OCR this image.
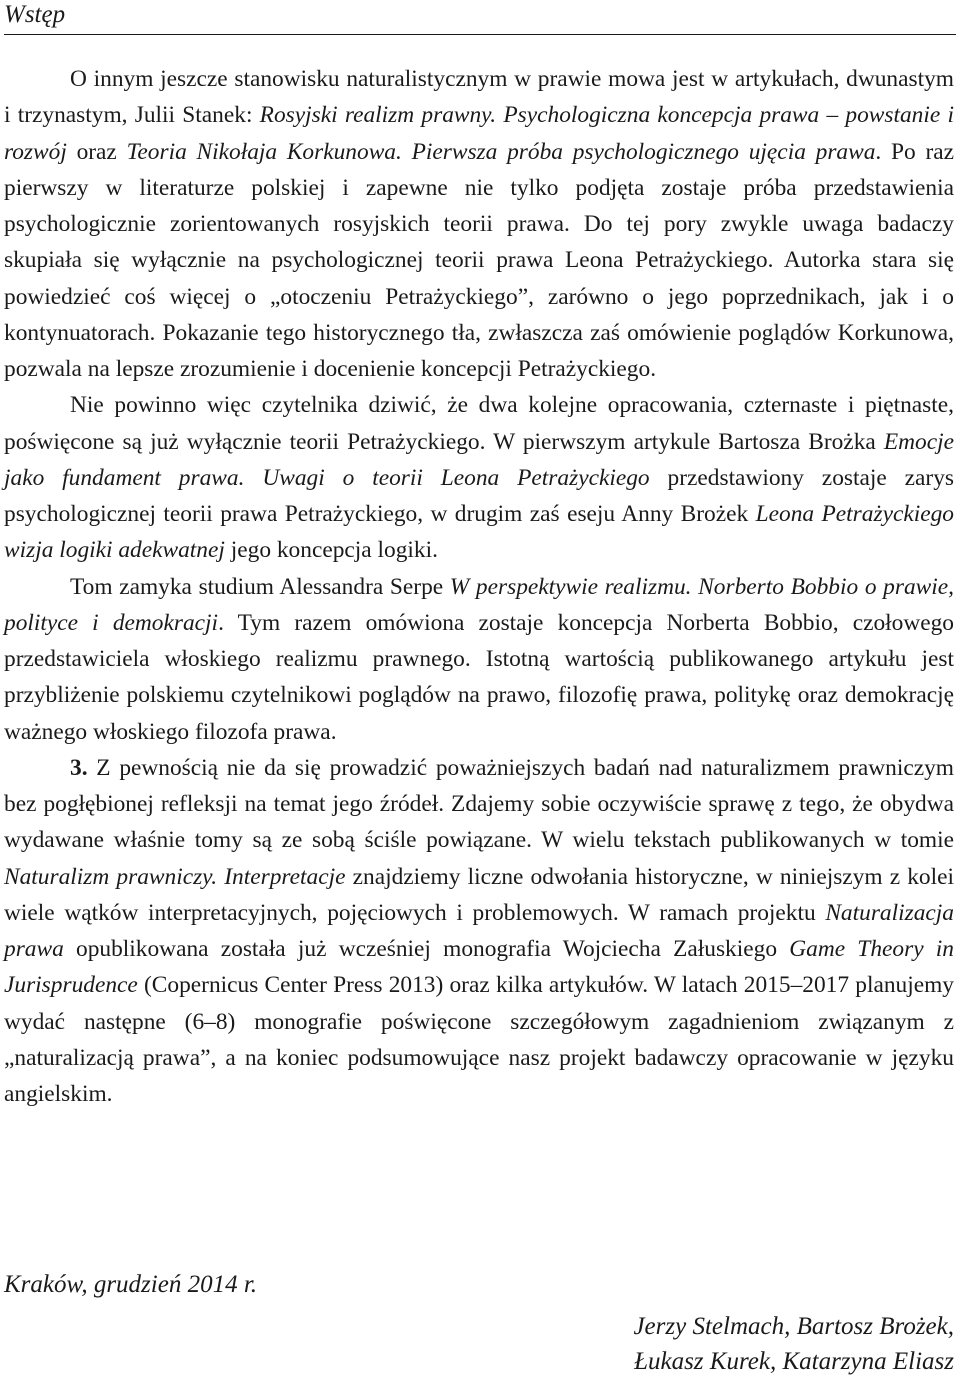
Wstęp

O innym jeszcze stanowisku naturalistycznym w prawie mowa jest w artykułach, dwunastym i trzynastym, Julii Stanek: Rosyjski realizm prawny. Psychologiczna koncepcja prawa – powstanie i rozwój oraz Teoria Nikołaja Korkunowa. Pierwsza próba psychologicznego ujęcia prawa. Po raz pierwszy w literaturze polskiej i zapewne nie tylko podjęta zostaje próba przedstawienia psychologicznie zorientowanych rosyjskich teorii prawa. Do tej pory zwykle uwaga badaczy skupiała się wyłącznie na psychologicznej teorii prawa Leona Petrażyckiego. Autorka stara się powiedzieć coś więcej o „otoczeniu Petrażyckiego”, zarówno o jego poprzednikach, jak i o kontynuatorach. Pokazanie tego historycznego tła, zwłaszcza zaś omówienie poglądów Korkunowa, pozwala na lepsze zrozumienie i docenienie koncepcji Petrażyckiego.

Nie powinno więc czytelnika dziwić, że dwa kolejne opracowania, czternaste i piętnaste, poświęcone są już wyłącznie teorii Petrażyckiego. W pierwszym artykule Bartosza Brożka Emocje jako fundament prawa. Uwagi o teorii Leona Petrażyckiego przedstawiony zostaje zarys psychologicznej teorii prawa Petrażyckiego, w drugim zaś eseju Anny Brożek Leona Petrażyckiego wizja logiki adekwatnej jego koncepcja logiki.

Tom zamyka studium Alessandra Serpe W perspektywie realizmu. Norberto Bobbio o prawie, polityce i demokracji. Tym razem omówiona zostaje koncepcja Norberta Bobbio, czołowego przedstawiciela włoskiego realizmu prawnego. Istotną wartością publikowanego artykułu jest przybliżenie polskiemu czytelnikowi poglądów na prawo, filozofię prawa, politykę oraz demokrację ważnego włoskiego filozofa prawa.

3. Z pewnością nie da się prowadzić poważniejszych badań nad naturalizmem prawniczym bez pogłębionej refleksji na temat jego źródeł. Zdajemy sobie oczywiście sprawę z tego, że obydwa wydawane właśnie tomy są ze sobą ściśle powiązane. W wielu tekstach publikowanych w tomie Naturalizm prawniczy. Interpretacje znajdziemy liczne odwołania historyczne, w niniejszym z kolei wiele wątków interpretacyjnych, pojęciowych i problemowych. W ramach projektu Naturalizacja prawa opublikowana została już wcześniej monografia Wojciecha Załuskiego Game Theory in Jurisprudence (Copernicus Center Press 2013) oraz kilka artykułów. W latach 2015–2017 planujemy wydać następne (6–8) monografie poświęcone szczegółowym zagadnieniom związanym z „naturalizacją prawa”, a na koniec podsumowujące nasz projekt badawczy opracowanie w języku angielskim.

Kraków, grudzień 2014 r.
Jerzy Stelmach, Bartosz Brożek,
Łukasz Kurek, Katarzyna Eliasz
